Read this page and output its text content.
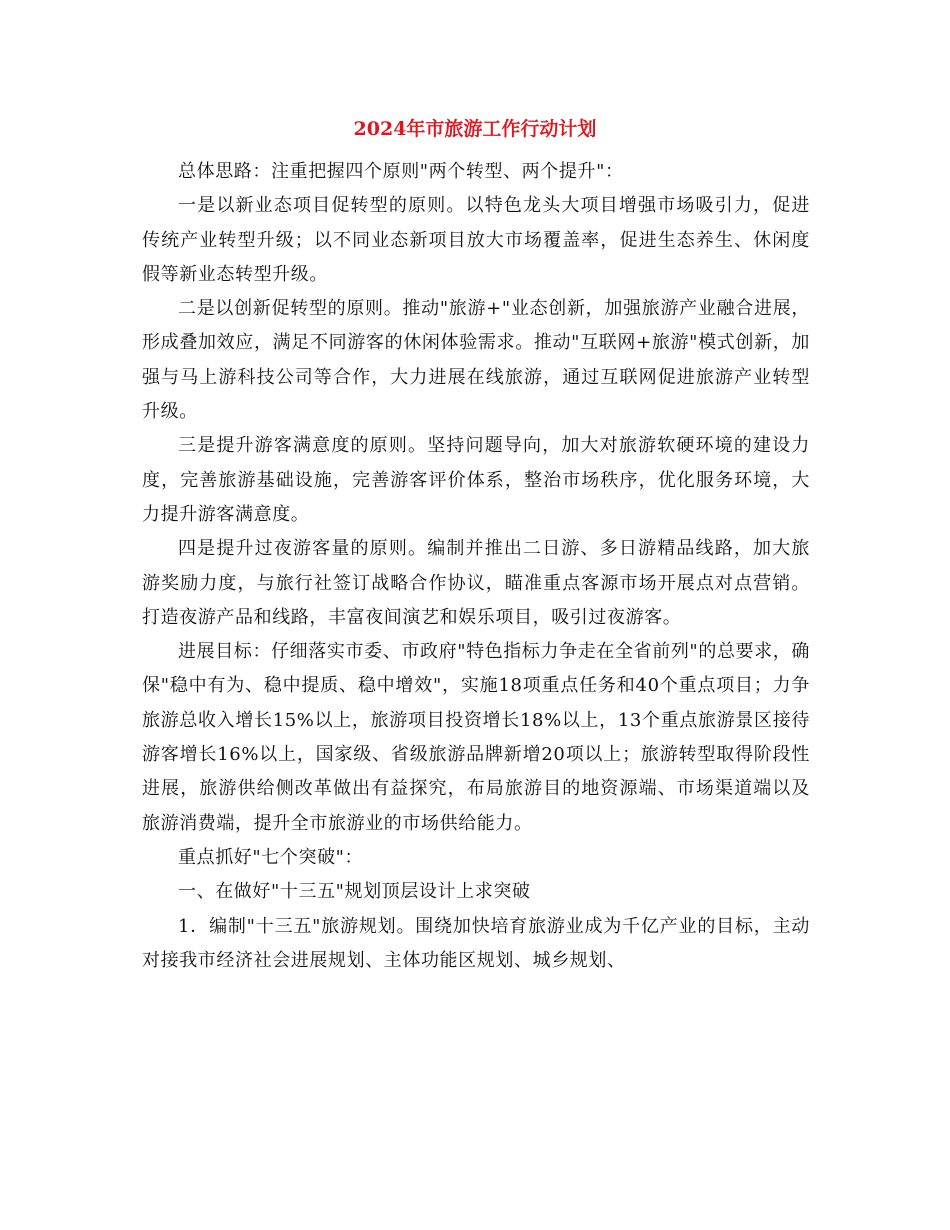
2024年市旅游工作行动计划

总体思路：注重把握四个原则"两个转型、两个提升"：

一是以新业态项目促转型的原则。以特色龙头大项目增强市场吸引力，促进传统产业转型升级；以不同业态新项目放大市场覆盖率，促进生态养生、休闲度假等新业态转型升级。

二是以创新促转型的原则。推动"旅游+"业态创新，加强旅游产业融合进展，形成叠加效应，满足不同游客的休闲体验需求。推动"互联网+旅游"模式创新，加强与马上游科技公司等合作，大力进展在线旅游，通过互联网促进旅游产业转型升级。

三是提升游客满意度的原则。坚持问题导向，加大对旅游软硬环境的建设力度，完善旅游基础设施，完善游客评价体系，整治市场秩序，优化服务环境，大力提升游客满意度。

四是提升过夜游客量的原则。编制并推出二日游、多日游精品线路，加大旅游奖励力度，与旅行社签订战略合作协议，瞄准重点客源市场开展点对点营销。打造夜游产品和线路，丰富夜间演艺和娱乐项目，吸引过夜游客。

进展目标：仔细落实市委、市政府"特色指标力争走在全省前列"的总要求，确保"稳中有为、稳中提质、稳中增效"，实施18项重点任务和40个重点项目；力争旅游总收入增长15%以上，旅游项目投资增长18%以上，13个重点旅游景区接待游客增长16%以上，国家级、省级旅游品牌新增20项以上；旅游转型取得阶段性进展，旅游供给侧改革做出有益探究，布局旅游目的地资源端、市场渠道端以及旅游消费端，提升全市旅游业的市场供给能力。

重点抓好"七个突破"：

一、在做好"十三五"规划顶层设计上求突破

1．编制"十三五"旅游规划。围绕加快培育旅游业成为千亿产业的目标，主动对接我市经济社会进展规划、主体功能区规划、城乡规划、
